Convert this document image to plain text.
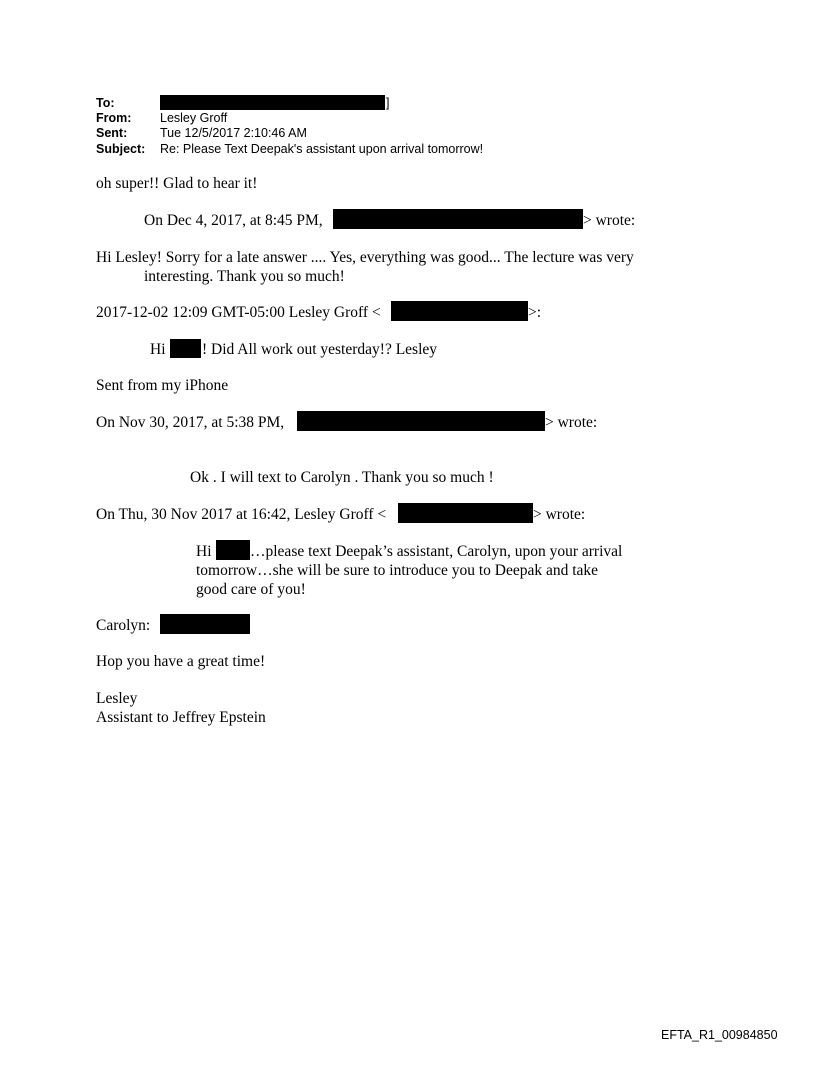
To:	]
From: Lesley Groff
Sent:	Tue 12/5/2017 2:10:46 AM
Subject: Re: Please Text Deepak's assistant upon arrival tomorrow!
oh super!! Glad to hear it!
On Dec 4, 2017, at 8:45 PM,	> wrote:
Hi Lesley! Sorry for a late answer .... Yes, everything was good... The lecture was very
interesting. Thank you so much!
2017-12-02 12:09 GMT-05:00 Lesley Groff <	>:
Hi ! Did All work out yesterday!? Lesley
Sent from my iPhone
On Nov 30, 2017, at 5:38 PM,	> wrote:
Ok . I will text to Carolyn . Thank you so much !
On Thu, 30 Nov 2017 at 16:42, Lesley Groff <	> wrote:
Hi …please text Deepak’s assistant, Carolyn, upon your arrival
tomorrow…she will be sure to introduce you to Deepak and take
good care of you!
Carolyn:
Hop you have a great time!
Lesley
Assistant to Jeffrey Epstein
EFTA_R1_00984850
